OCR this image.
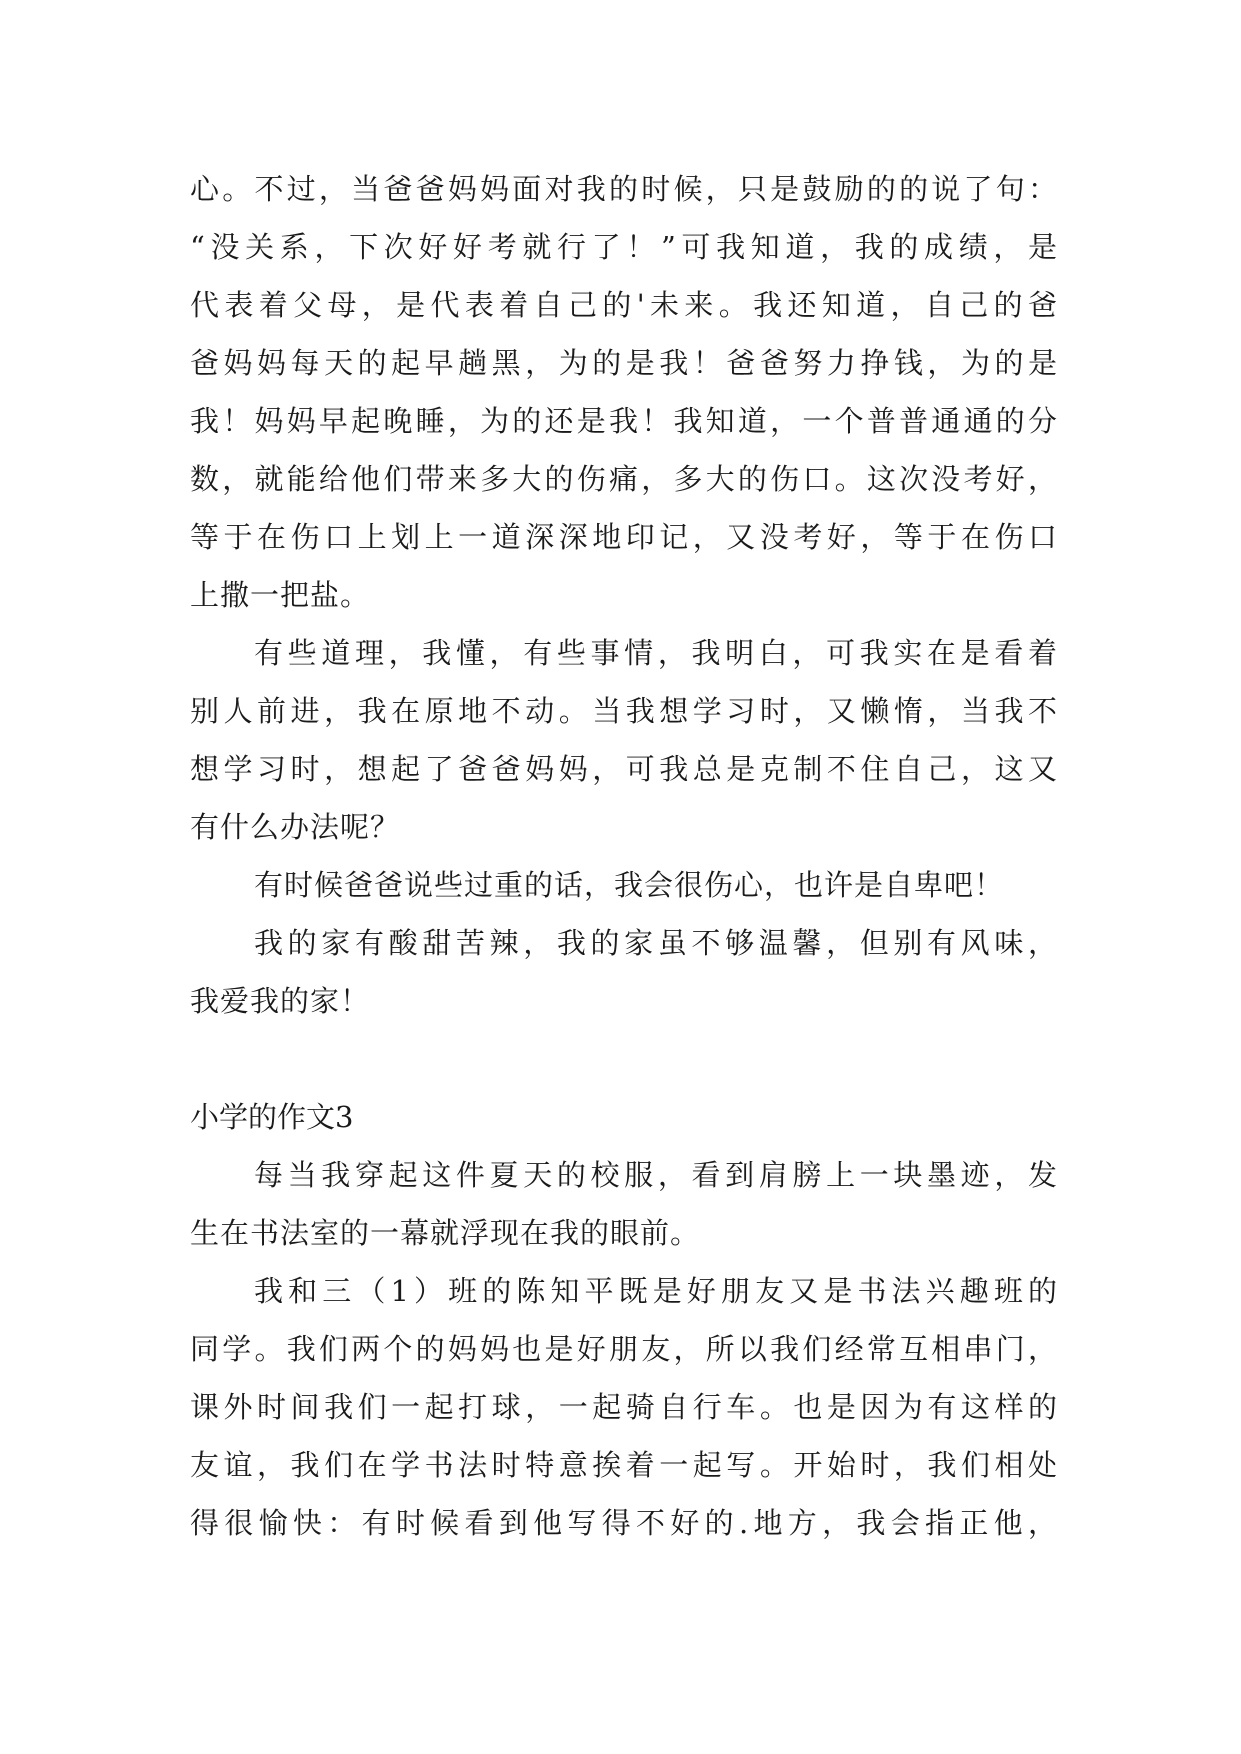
心。不过，当爸爸妈妈面对我的时候，只是鼓励的的说了句：
“没关系，下次好好考就行了！”可我知道，我的成绩，是
代表着父母，是代表着自己的'未来。我还知道，自己的爸
爸妈妈每天的起早趟黑，为的是我！爸爸努力挣钱，为的是
我！妈妈早起晚睡，为的还是我！我知道，一个普普通通的分
数，就能给他们带来多大的伤痛，多大的伤口。这次没考好，
等于在伤口上划上一道深深地印记，又没考好，等于在伤口
上撒一把盐。
有些道理，我懂，有些事情，我明白，可我实在是看着
别人前进，我在原地不动。当我想学习时，又懒惰，当我不
想学习时，想起了爸爸妈妈，可我总是克制不住自己，这又
有什么办法呢？
有时候爸爸说些过重的话，我会很伤心，也许是自卑吧！
我的家有酸甜苦辣，我的家虽不够温馨，但别有风味，
我爱我的家！
小学的作文3
每当我穿起这件夏天的校服，看到肩膀上一块墨迹，发
生在书法室的一幕就浮现在我的眼前。
我和三（1）班的陈知平既是好朋友又是书法兴趣班的
同学。我们两个的妈妈也是好朋友，所以我们经常互相串门，
课外时间我们一起打球，一起骑自行车。也是因为有这样的
友谊，我们在学书法时特意挨着一起写。开始时，我们相处
得很愉快：有时候看到他写得不好的.地方，我会指正他，
